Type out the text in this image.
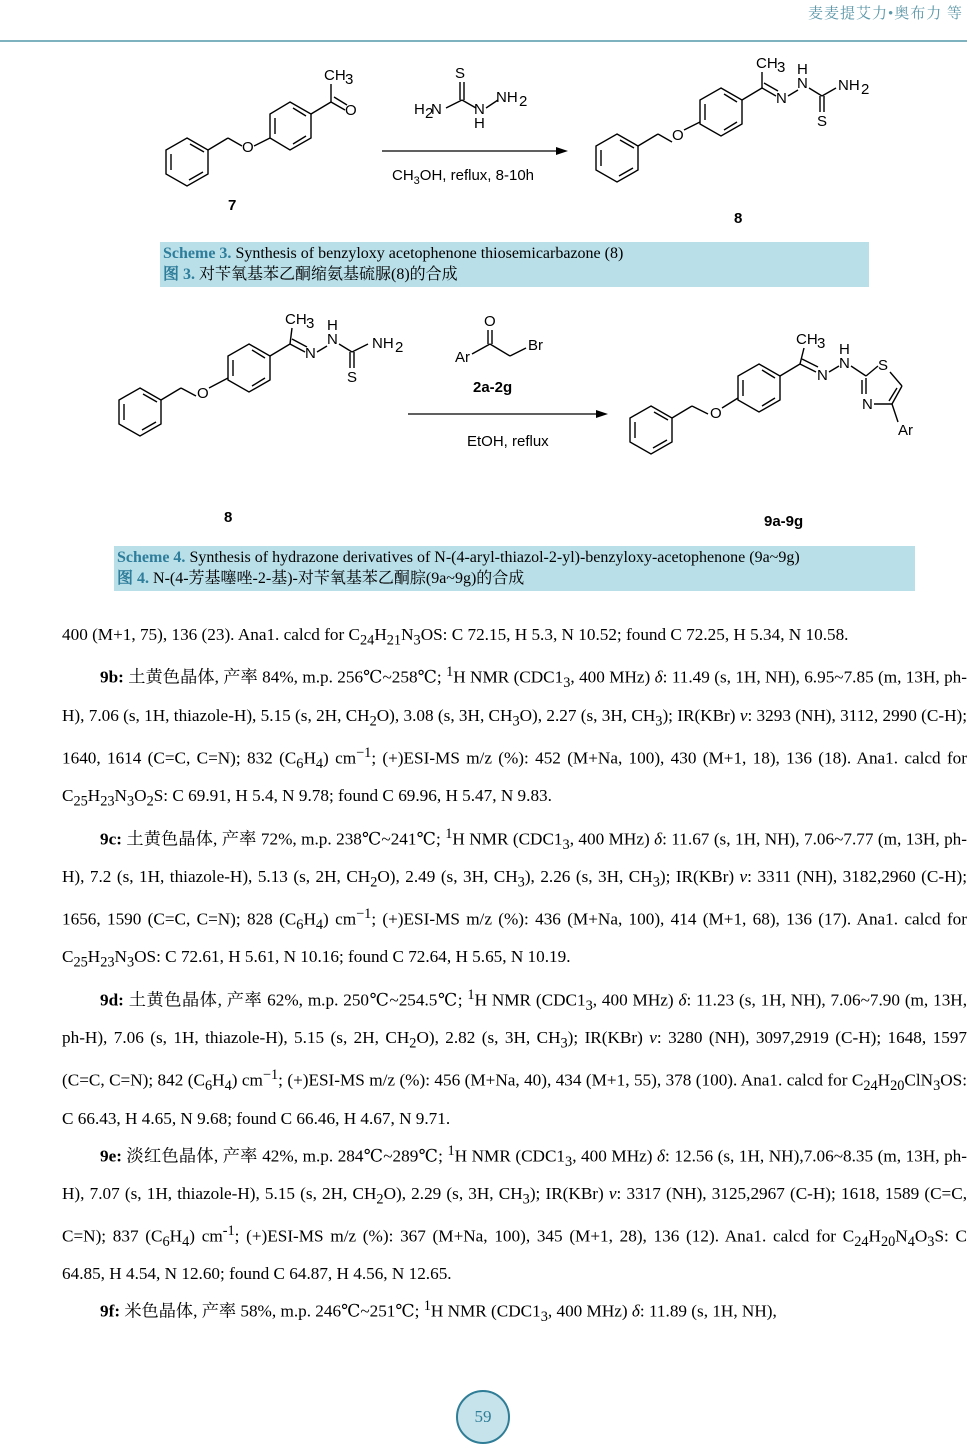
麦麦提艾力•奥布力 等
O
CH 3
O
7
S
H 2
N N
H
NH 2
$CH_3OH$, reflux, 8-10h
O
CH 3
N
N
H
NH 2
S
8
Scheme 3. Synthesis of benzyloxy acetophenone thiosemicarbazone (8)
图 3. 对苄氧基苯乙酮缩氨基硫脲(8)的合成
O
CH 3
N
N
H
NH 2
S
8
O
Ar
Br
2a-2g
EtOH, reflux
O
CH 3
N
N
H
S
N
Ar
9a-9g
Scheme 4. Synthesis of hydrazone derivatives of N-(4-aryl-thiazol-2-yl)-benzyloxy-acetophenone (9a~9g)
图 4. N-(4-芳基噻唑-2-基)-对苄氧基苯乙酮腙(9a~9g)的合成

400 (M+1, 75), 136 (23). Ana1. calcd for $C_{24}H_{21}N_3OS$: C 72.15, H 5.3, N 10.52; found C 72.25, H 5.34, N 10.58.

9b: 土黄色晶体, 产率 84%, m.p. 256℃~258℃; $^1$H NMR ($CDC1_3$, 400 MHz) δ: 11.49 (s, 1H, NH), 6.95~7.85 (m, 13H, ph-H), 7.06 (s, 1H, thiazole-H), 5.15 (s, 2H, $CH_2O$), 3.08 (s, 3H, $CH_3O$), 2.27 (s, 3H, $CH_3$); IR(KBr) v: 3293 (NH), 3112, 2990 (C-H); 1640, 1614 (C=C, C=N); 832 $(C_6H_4)$ $cm^{-1}$; (+)ESI-MS m/z (%): 452 (M+Na, 100), 430 (M+1, 18), 136 (18). Ana1. calcd for $C_{25}H_{23}N_3O_2S$: C 69.91, H 5.4, N 9.78; found C 69.96, H 5.47, N 9.83.

9c: 土黄色晶体, 产率 72%, m.p. 238℃~241℃; $^1$H NMR ($CDC1_3$, 400 MHz) δ: 11.67 (s, 1H, NH), 7.06~7.77 (m, 13H, ph-H), 7.2 (s, 1H, thiazole-H), 5.13 (s, 2H, $CH_2O$), 2.49 (s, 3H, $CH_3$), 2.26 (s, 3H, $CH_3$); IR(KBr) v: 3311 (NH), 3182,2960 (C-H); 1656, 1590 (C=C, C=N); 828 $(C_6H_4)$ $cm^{-1}$; (+)ESI-MS m/z (%): 436 (M+Na, 100), 414 (M+1, 68), 136 (17). Ana1. calcd for $C_{25}H_{23}N_3OS$: C 72.61, H 5.61, N 10.16; found C 72.64, H 5.65, N 10.19.

9d: 土黄色晶体, 产率 62%, m.p. 250℃~254.5℃; $^1$H NMR ($CDC1_3$, 400 MHz) δ: 11.23 (s, 1H, NH), 7.06~7.90 (m, 13H, ph-H), 7.06 (s, 1H, thiazole-H), 5.15 (s, 2H, $CH_2O$), 2.82 (s, 3H, $CH_3$); IR(KBr) v: 3280 (NH), 3097,2919 (C-H); 1648, 1597 (C=C, C=N); 842 $(C_6H_4)$ $cm^{-1}$; (+)ESI-MS m/z (%): 456 (M+Na, 40), 434 (M+1, 55), 378 (100). Ana1. calcd for $C_{24}H_{20}ClN_3OS$: C 66.43, H 4.65, N 9.68; found C 66.46, H 4.67, N 9.71.

9e: 淡红色晶体, 产率 42%, m.p. 284℃~289℃; $^1$H NMR ($CDC1_3$, 400 MHz) δ: 12.56 (s, 1H, NH),7.06~8.35 (m, 13H, ph-H), 7.07 (s, 1H, thiazole-H), 5.15 (s, 2H, $CH_2O$), 2.29 (s, 3H, $CH_3$); IR(KBr) v: 3317 (NH), 3125,2967 (C-H); 1618, 1589 (C=C, C=N); 837 $(C_6H_4)$ $cm^{-1}$; (+)ESI-MS m/z (%): 367 (M+Na, 100), 345 (M+1, 28), 136 (12). Ana1. calcd for $C_{24}H_{20}N_4O_3S$: C 64.85, H 4.54, N 12.60; found C 64.87, H 4.56, N 12.65.

9f: 米色晶体, 产率 58%, m.p. 246℃~251℃; $^1$H NMR ($CDC1_3$, 400 MHz) δ: 11.89 (s, 1H, NH),

59
